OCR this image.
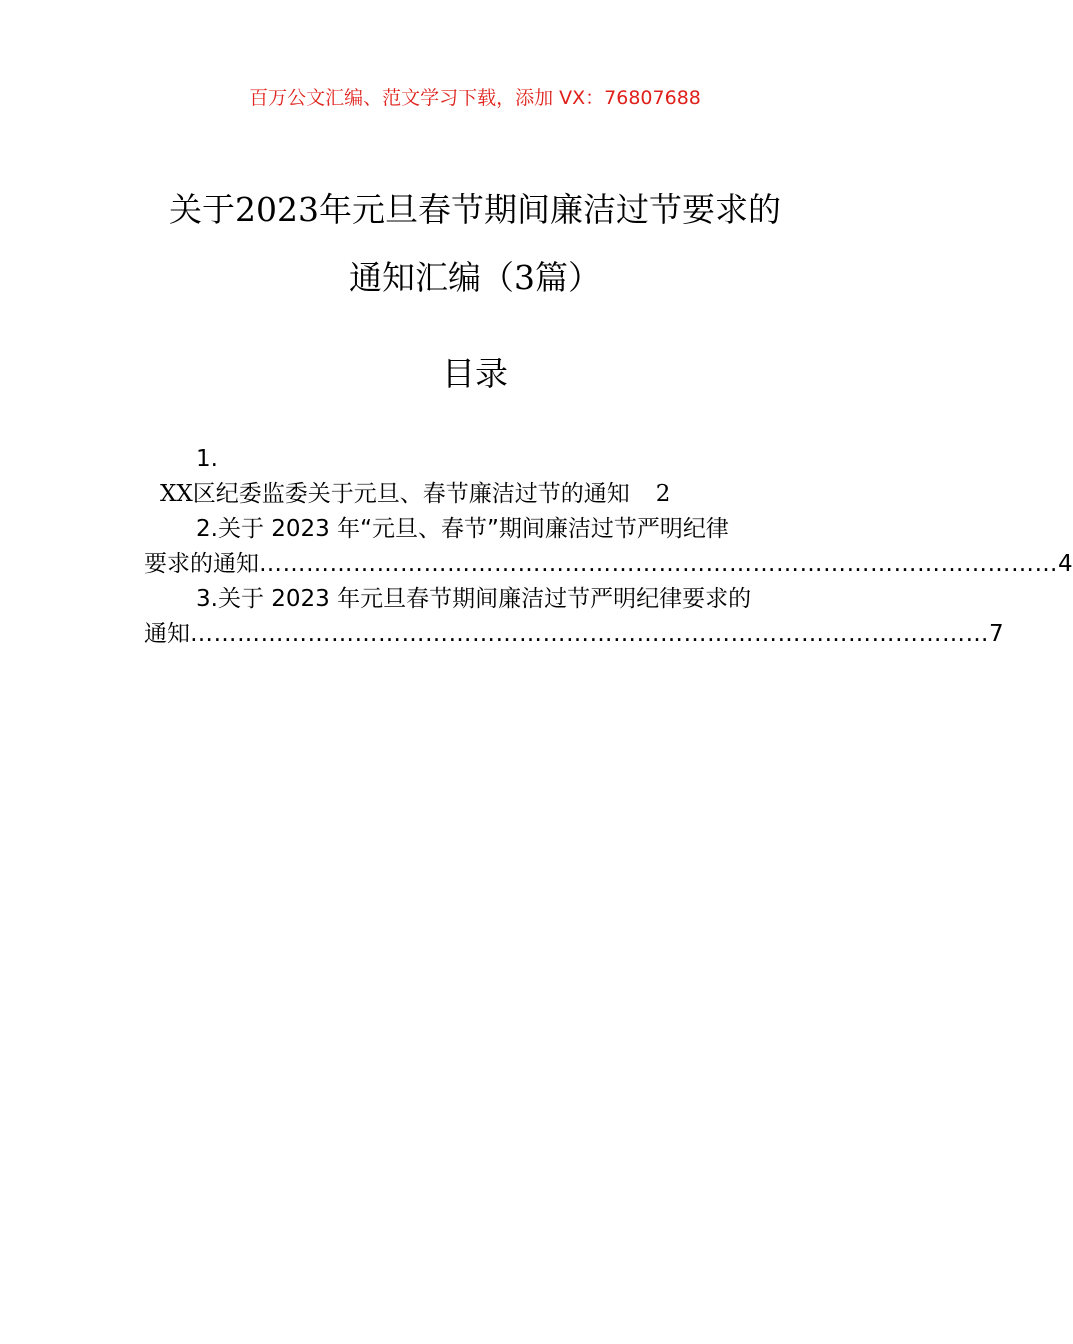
百万公文汇编、范文学习下载，添加 VX：76807688
关于2023年元旦春节期间廉洁过节要求的
通知汇编（3篇）
目录
1.
XX区纪委监委关于元旦、春节廉洁过节的通知 2
2.关于 2023 年“元旦、春节”期间廉洁过节严明纪律
要求的通知 ………………………………………………………………………………………… 4
3.关于 2023 年元旦春节期间廉洁过节严明纪律要求的
通知 ………………………………………………………………………………………… 7
